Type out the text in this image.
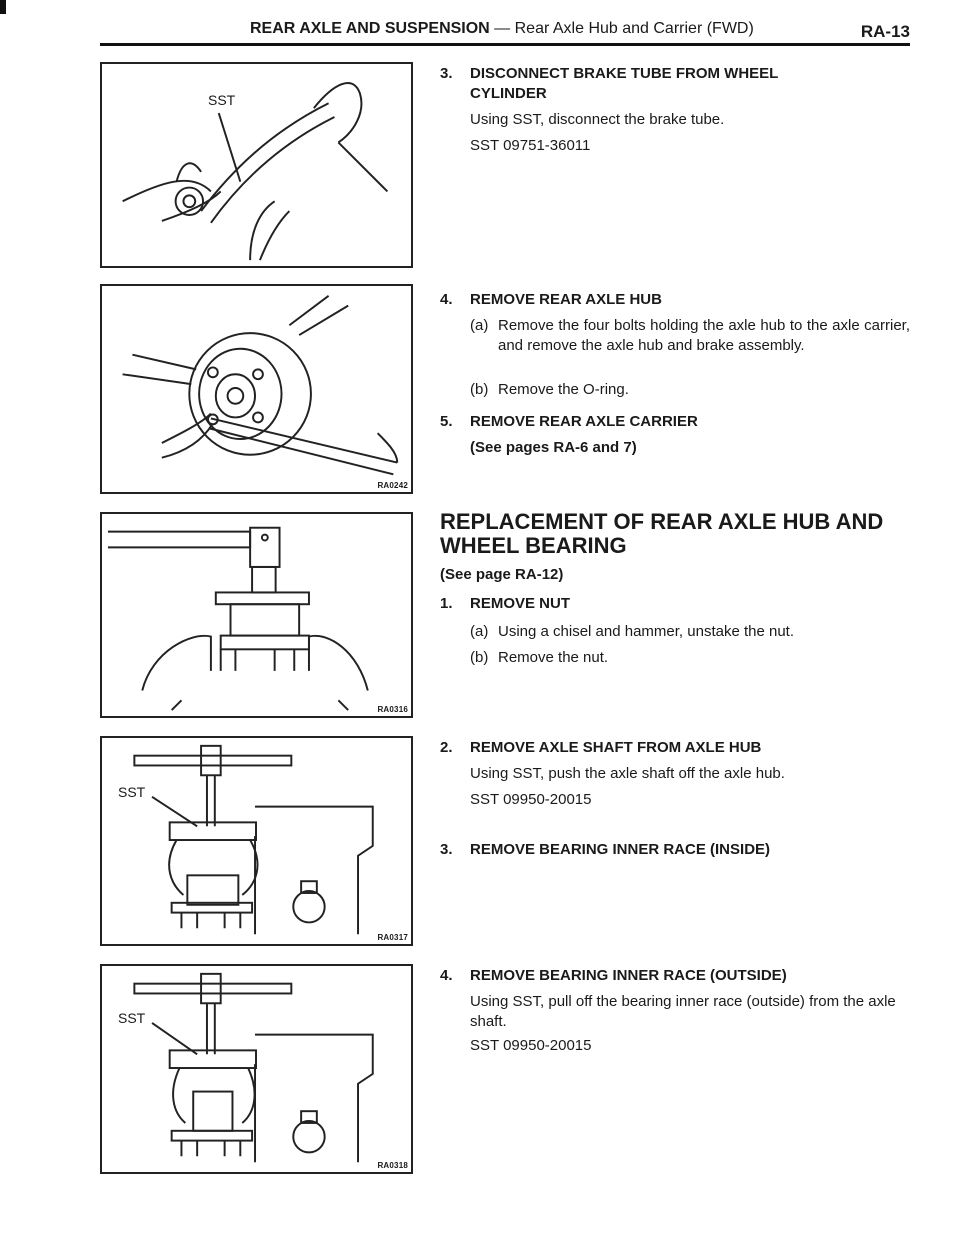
REAR AXLE AND SUSPENSION — Rear Axle Hub and Carrier (FWD)	RA-13
SST
RA0242
RA0316
SST
RA0317
SST
RA0318
3. DISCONNECT BRAKE TUBE FROM WHEEL
CYLINDER
Using SST, disconnect the brake tube.
SST 09751-36011
4. REMOVE REAR AXLE HUB
(a) Remove the four bolts holding the axle hub to the axle carrier, and remove the axle hub and brake assembly.
(b) Remove the O-ring.
5. REMOVE REAR AXLE CARRIER
(See pages RA-6 and 7)
REPLACEMENT OF REAR AXLE HUB AND
WHEEL BEARING
(See page RA-12)
1. REMOVE NUT
(a) Using a chisel and hammer, unstake the nut.
(b) Remove the nut.
2. REMOVE AXLE SHAFT FROM AXLE HUB
Using SST, push the axle shaft off the axle hub.
SST 09950-20015
3. REMOVE BEARING INNER RACE (INSIDE)
4. REMOVE BEARING INNER RACE (OUTSIDE)
Using SST, pull off the bearing inner race (outside) from the axle shaft.
SST 09950-20015
